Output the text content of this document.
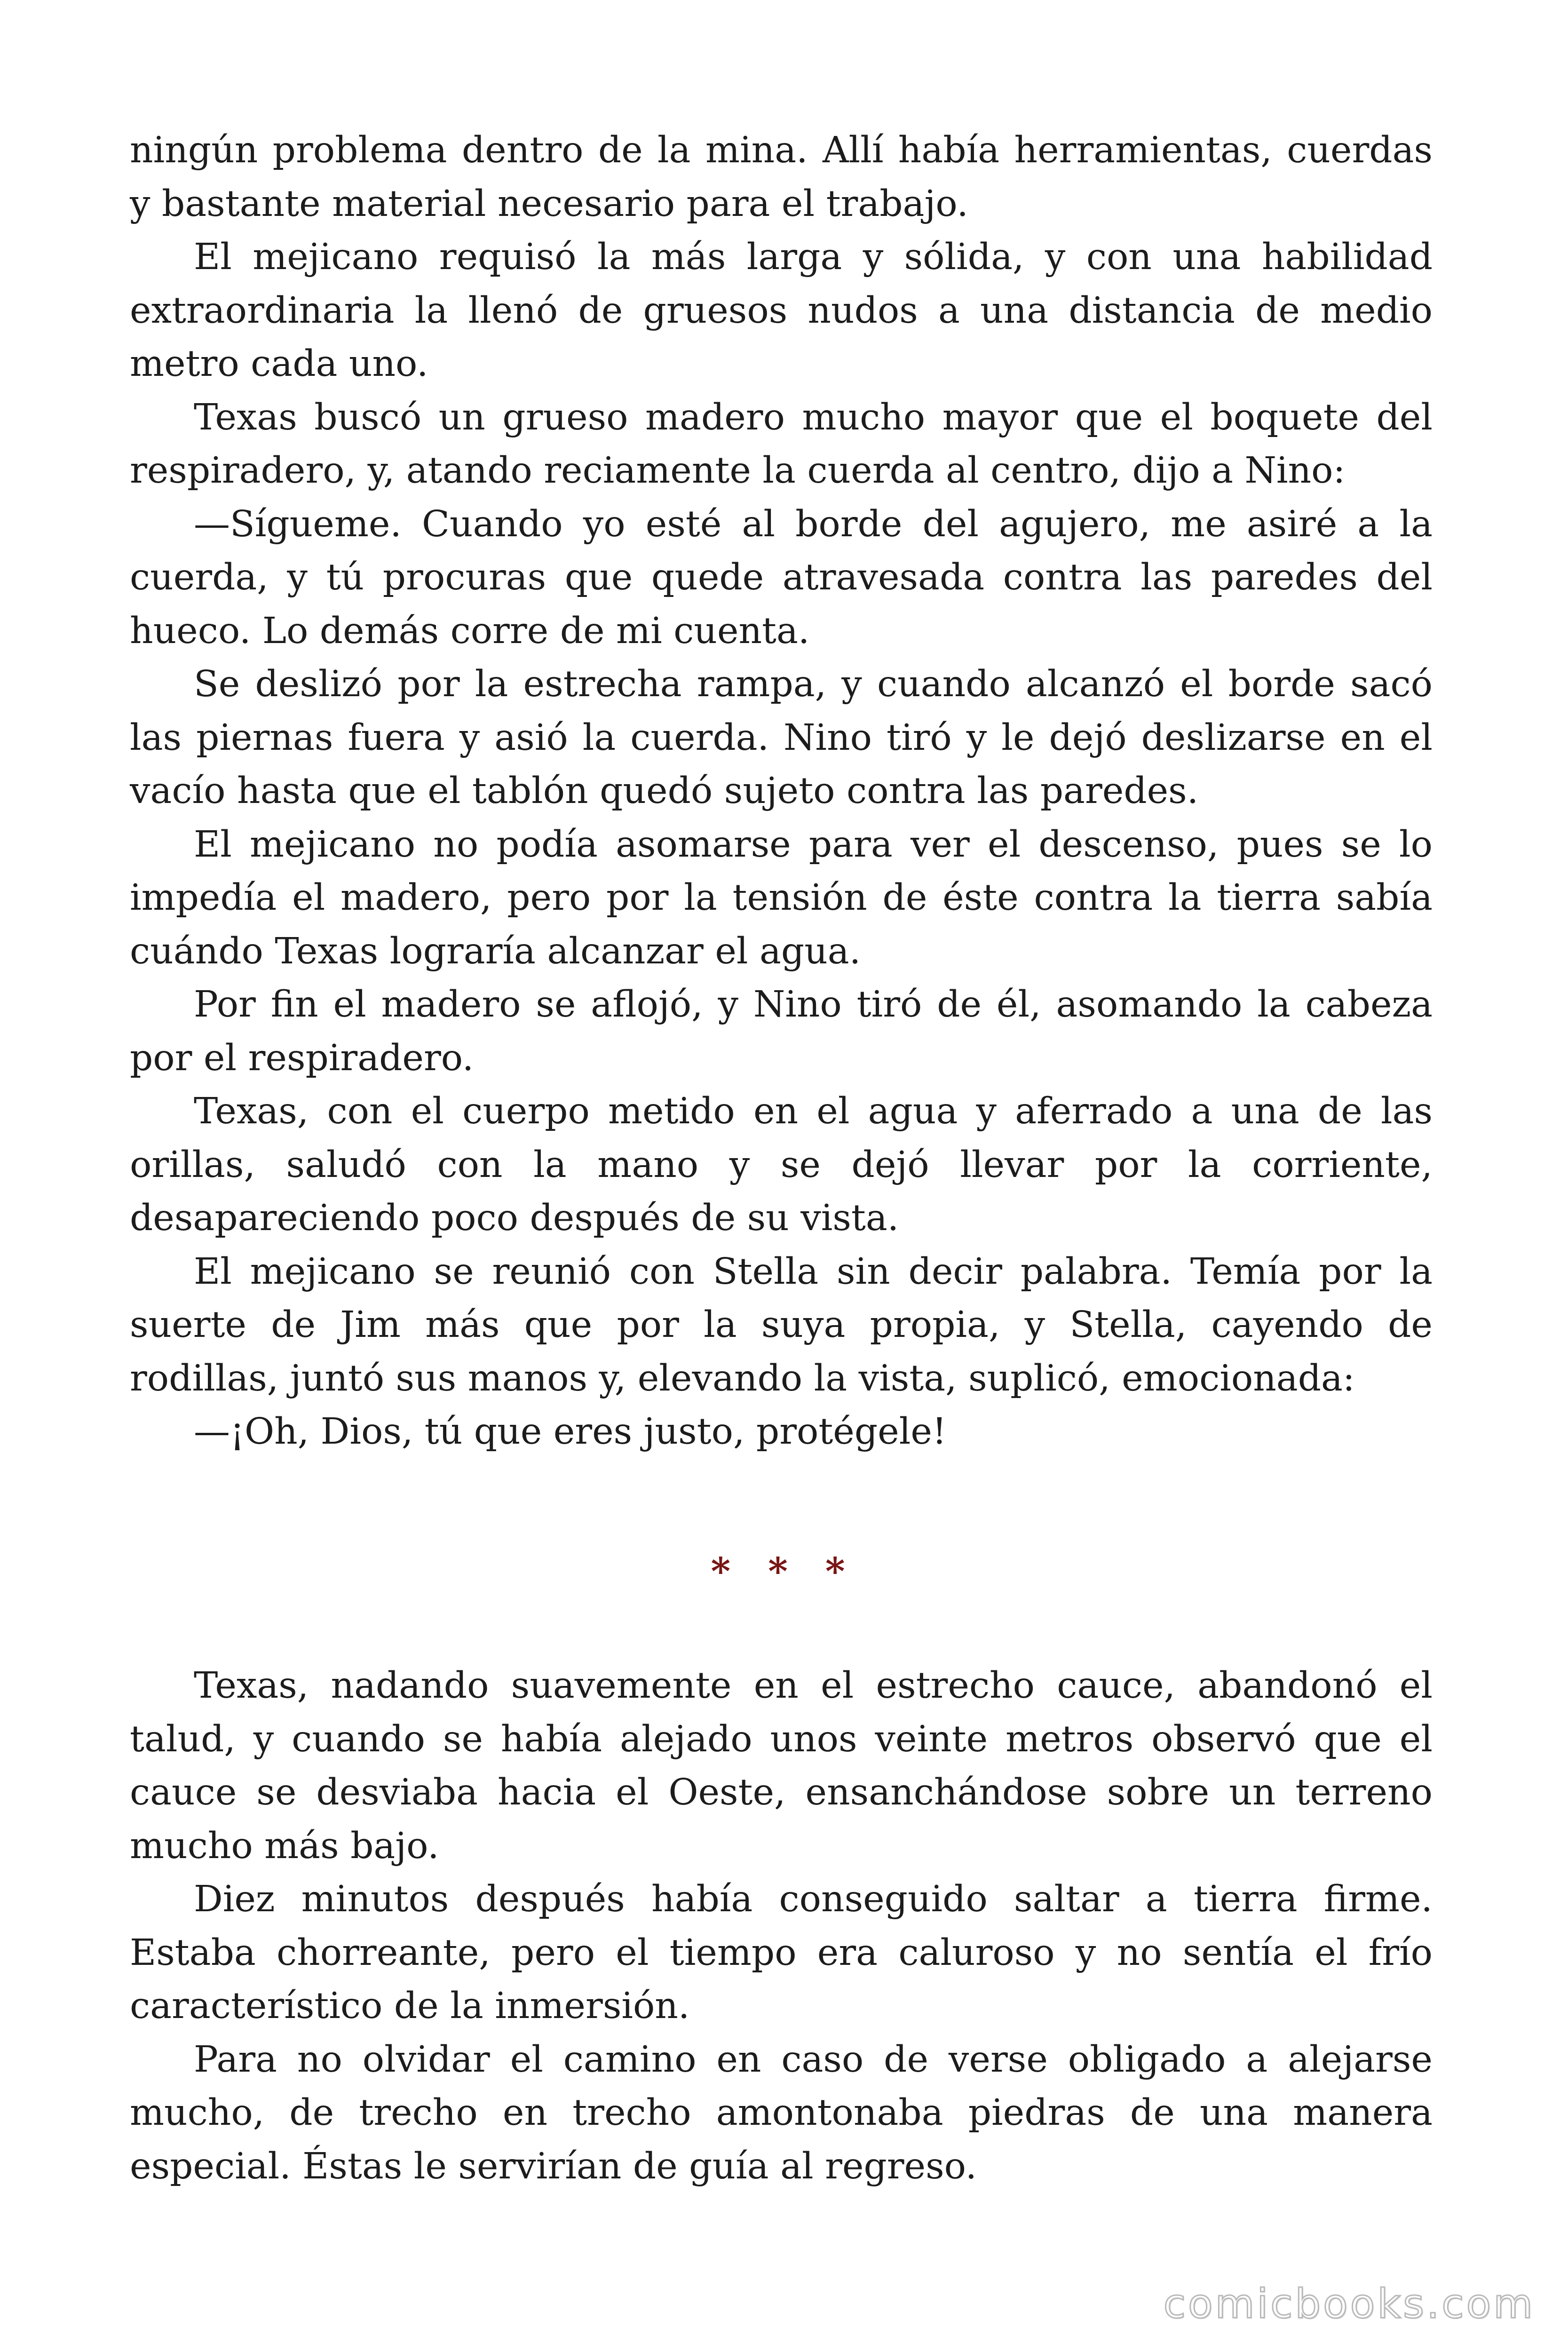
ningún problema dentro de la mina. Allí había herramientas, cuerdas y bastante material necesario para el trabajo.

El mejicano requisó la más larga y sólida, y con una habilidad extraordinaria la llenó de gruesos nudos a una distancia de medio metro cada uno.

Texas buscó un grueso madero mucho mayor que el boquete del respiradero, y, atando reciamente la cuerda al centro, dijo a Nino:

—Sígueme. Cuando yo esté al borde del agujero, me asiré a la cuerda, y tú procuras que quede atravesada contra las paredes del hueco. Lo demás corre de mi cuenta.

Se deslizó por la estrecha rampa, y cuando alcanzó el borde sacó las piernas fuera y asió la cuerda. Nino tiró y le dejó deslizarse en el vacío hasta que el tablón quedó sujeto contra las paredes.

El mejicano no podía asomarse para ver el descenso, pues se lo impedía el madero, pero por la tensión de éste contra la tierra sabía cuándo Texas lograría alcanzar el agua.

Por fin el madero se aflojó, y Nino tiró de él, asomando la cabeza por el respiradero.

Texas, con el cuerpo metido en el agua y aferrado a una de las orillas, saludó con la mano y se dejó llevar por la corriente, desapareciendo poco después de su vista.

El mejicano se reunió con Stella sin decir palabra. Temía por la suerte de Jim más que por la suya propia, y Stella, cayendo de rodillas, juntó sus manos y, elevando la vista, suplicó, emocionada:

—¡Oh, Dios, tú que eres justo, protégele!

* * *

Texas, nadando suavemente en el estrecho cauce, abandonó el talud, y cuando se había alejado unos veinte metros observó que el cauce se desviaba hacia el Oeste, ensanchándose sobre un terreno mucho más bajo.

Diez minutos después había conseguido saltar a tierra firme. Estaba chorreante, pero el tiempo era caluroso y no sentía el frío característico de la inmersión.

Para no olvidar el camino en caso de verse obligado a alejarse mucho, de trecho en trecho amontonaba piedras de una manera especial. Éstas le servirían de guía al regreso.

comicbooks.com
